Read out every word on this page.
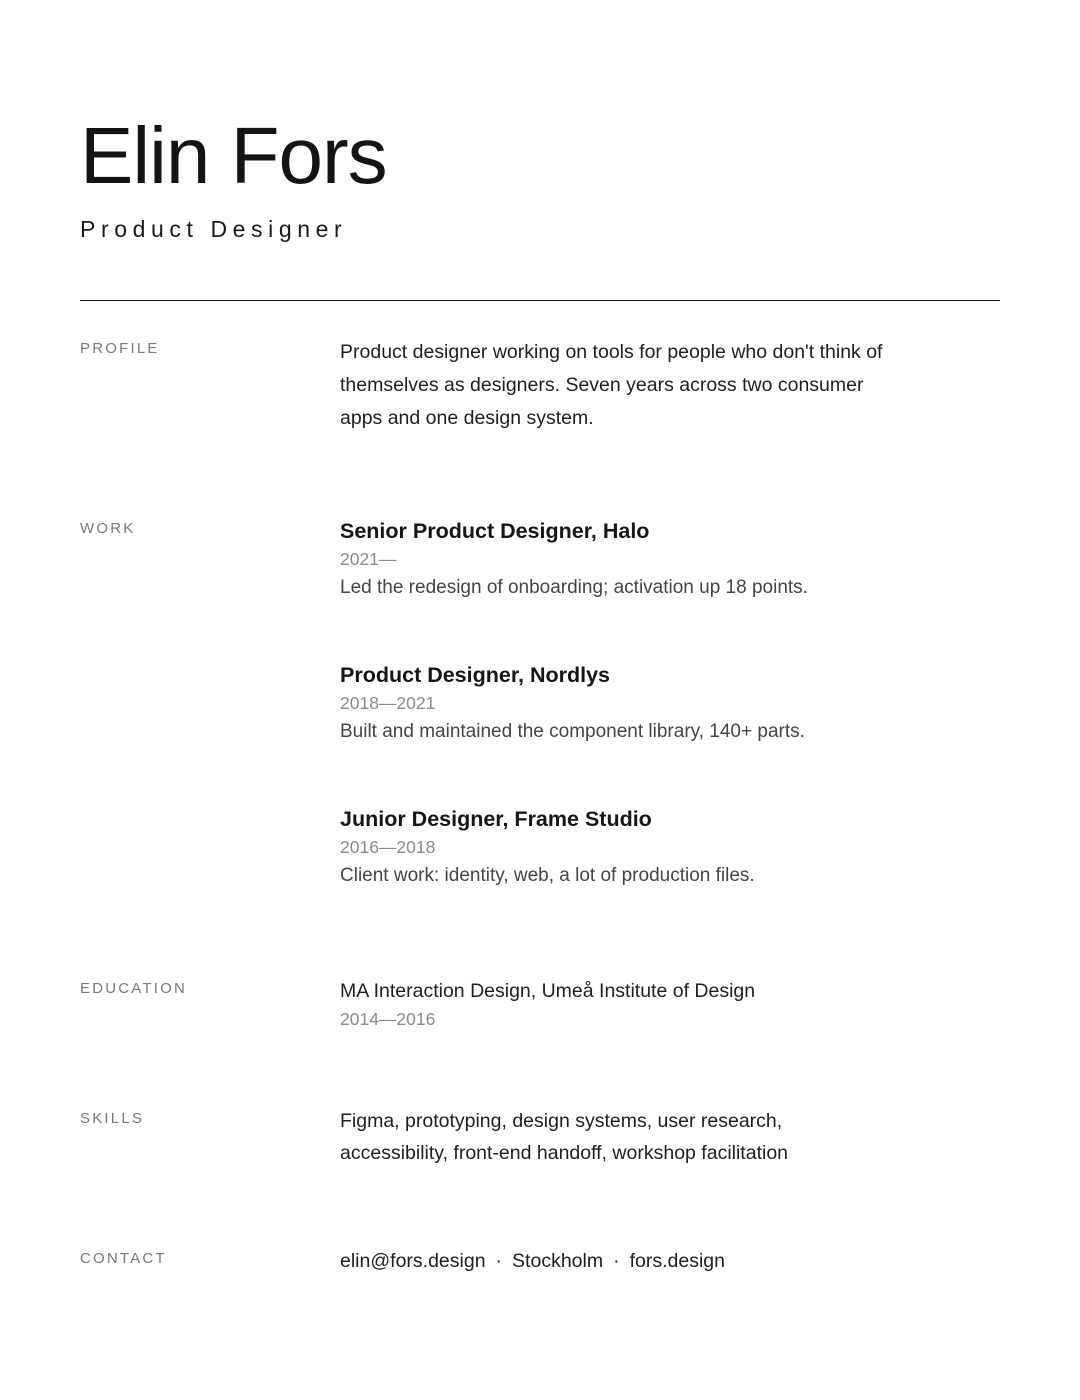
Elin Fors

Product Designer

PROFILE	Product designer working on tools for people who don't think of themselves as designers. Seven years across two consumer apps and one design system.

WORK	Senior Product Designer, Halo

2021—

Led the redesign of onboarding; activation up 18 points.

Product Designer, Nordlys

2018—2021

Built and maintained the component library, 140+ parts.

Junior Designer, Frame Studio

2016—2018

Client work: identity, web, a lot of production files.

EDUCATION	MA Interaction Design, Umeå Institute of Design

2014—2016

SKILLS	Figma, prototyping, design systems, user research, accessibility, front-end handoff, workshop facilitation

CONTACT	elin@fors.design · Stockholm · fors.design
